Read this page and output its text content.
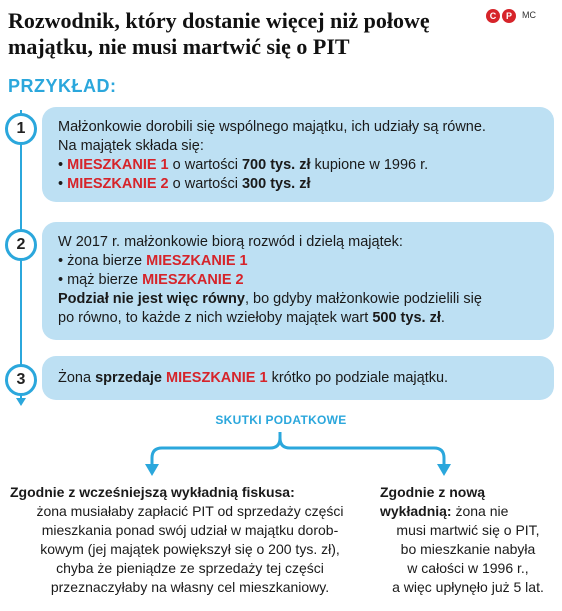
Rozwodnik, który dostanie więcej niż połowę
majątku, nie musi martwić się o PIT
C	P	MC
PRZYKŁAD:

Małżonkowie dorobili się wspólnego majątku, ich udziały są równe.

Na majątek składa się:

• MIESZKANIE 1 o wartości 700 tys. zł kupione w 1996 r.

• MIESZKANIE 2 o wartości 300 tys. zł

1

W 2017 r. małżonkowie biorą rozwód i dzielą majątek:

• żona bierze MIESZKANIE 1

• mąż bierze MIESZKANIE 2

Podział nie jest więc równy, bo gdyby małżonkowie podzielili się

po równo, to każde z nich wziełoby majątek wart 500 tys. zł.

2

Żona sprzedaje MIESZKANIE 1 krótko po podziale majątku.

3
SKUTKI PODATKOWE
Zgodnie z wcześniejszą wykładnią fiskusa:
żona musiałaby zapłacić PIT od sprzedaży części
mieszkania ponad swój udział w majątku dorob-
kowym (jej majątek powiększył się o 200 tys. zł),
chyba że pieniądze ze sprzedaży tej części
przeznaczyłaby na własny cel mieszkaniowy.
Zgodnie z nową
wykładnią: żona nie
musi martwić się o PIT,
bo mieszkanie nabyła
w całości w 1996 r.,
a więc upłynęło już 5 lat.
